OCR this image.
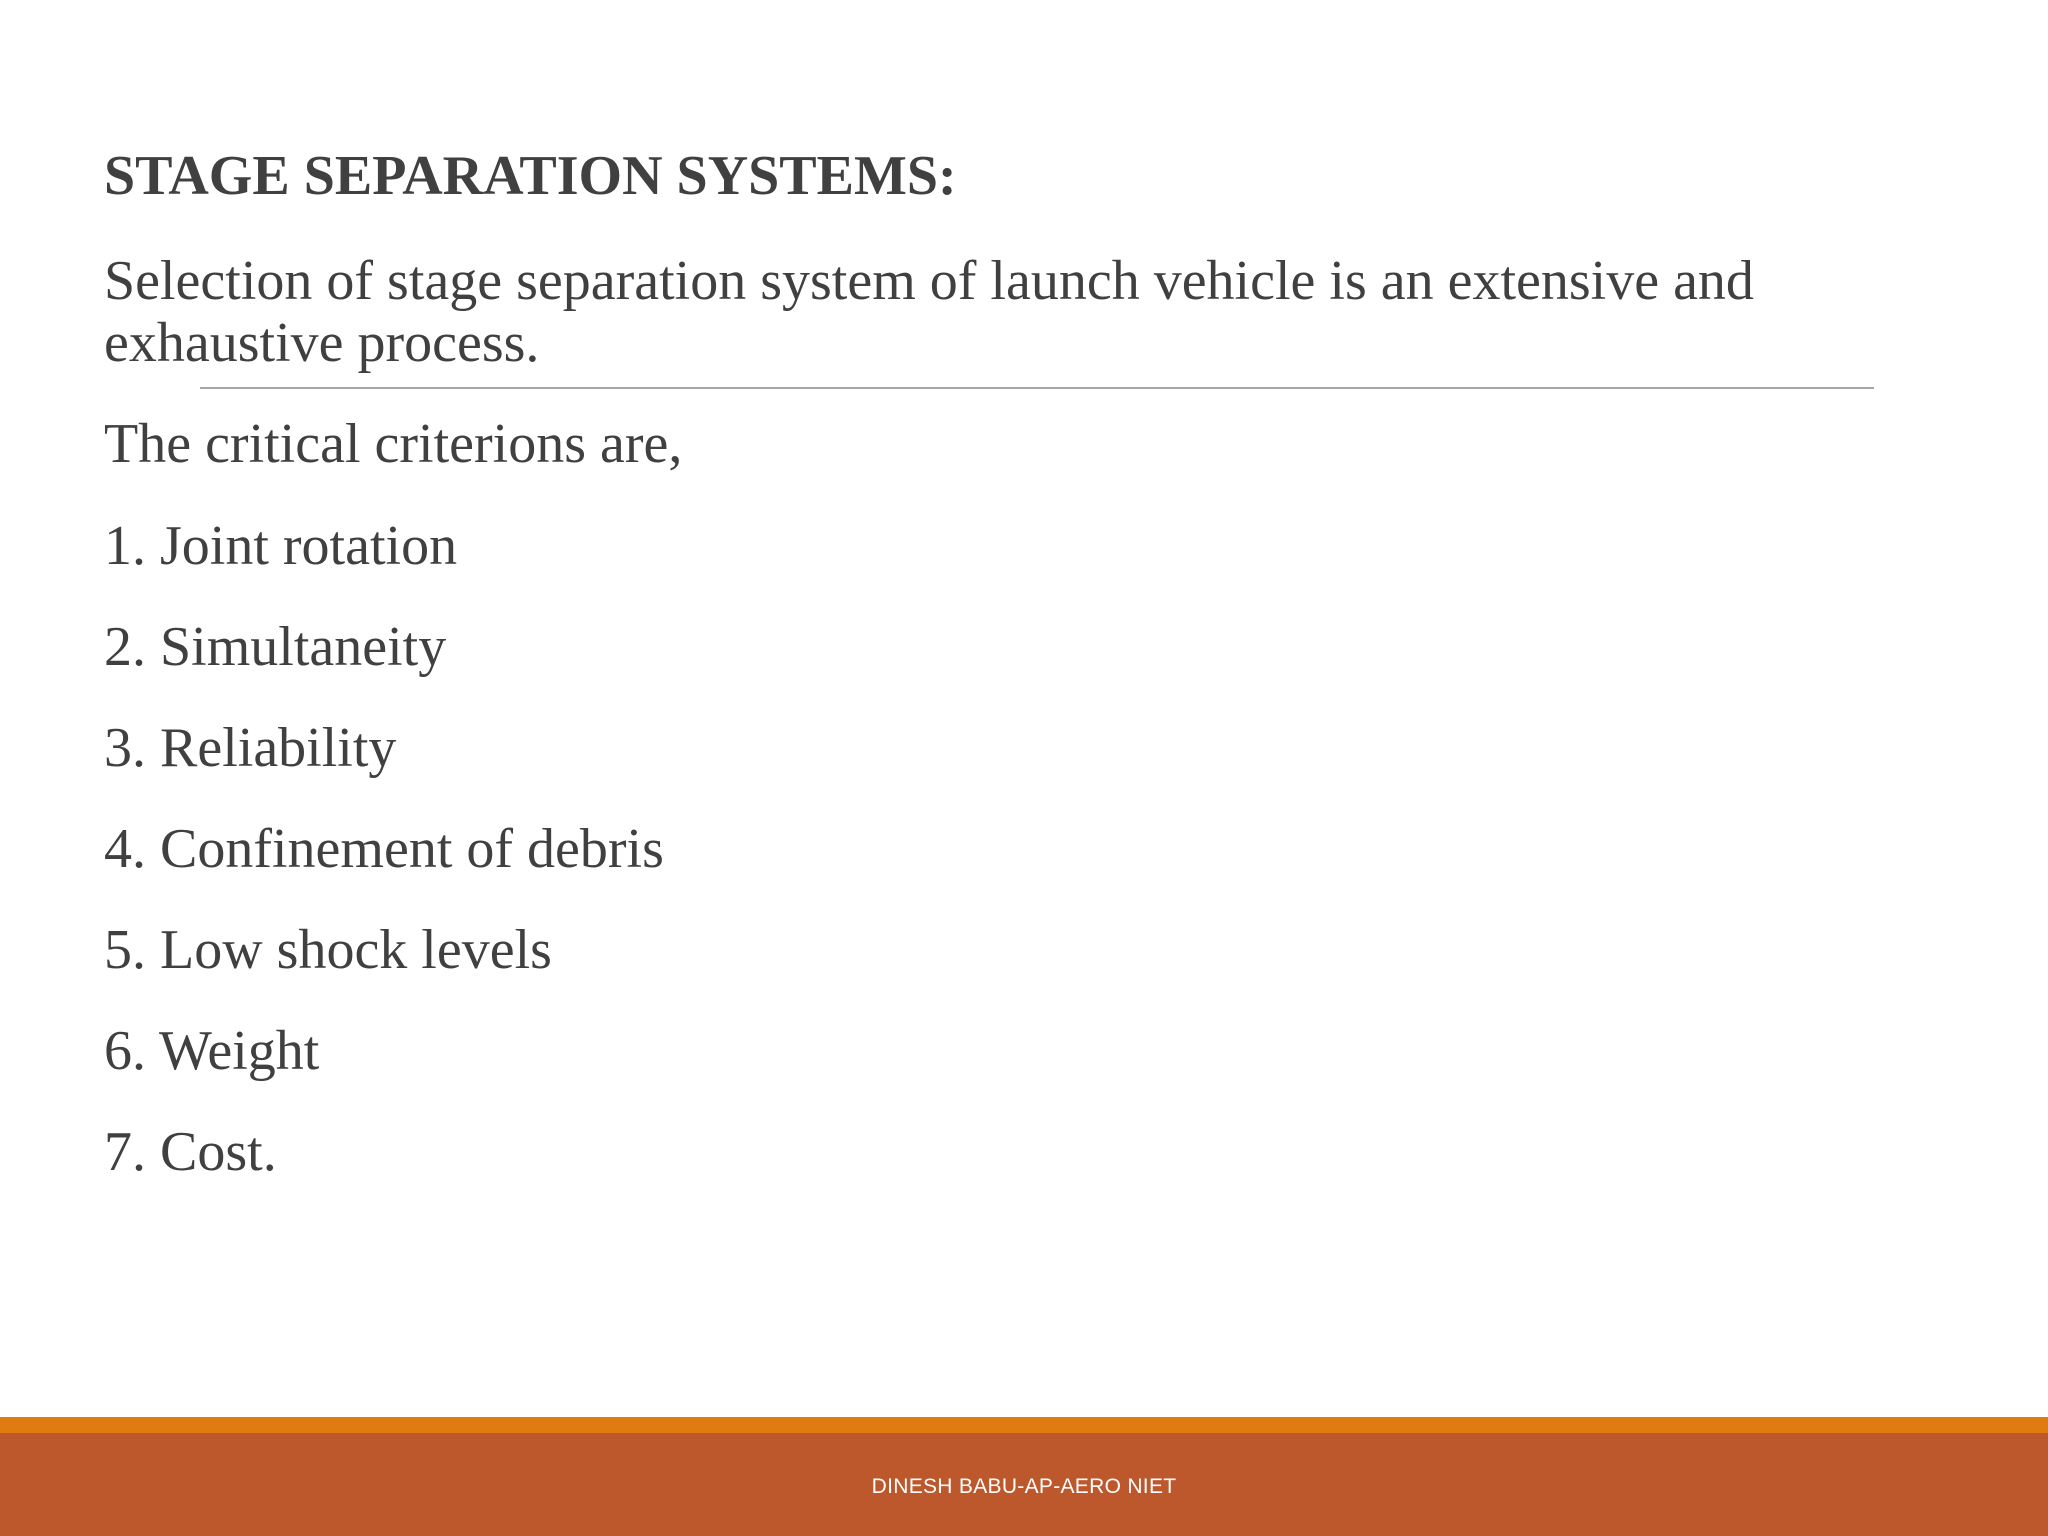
STAGE SEPARATION SYSTEMS:
Selection of stage separation system of launch vehicle is an extensive and exhaustive process.
The critical criterions are,
1. Joint rotation
2. Simultaneity
3. Reliability
4. Confinement of debris
5. Low shock levels
6. Weight
7. Cost.
DINESH BABU-AP-AERO NIET
